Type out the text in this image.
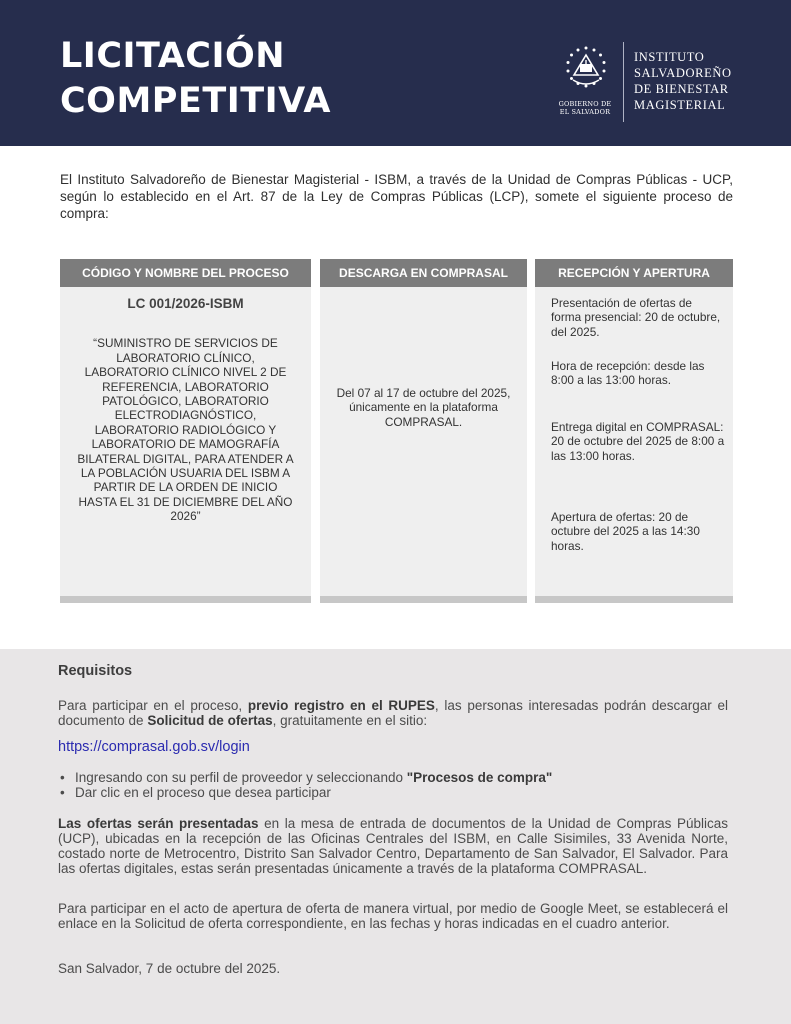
LICITACIÓN
COMPETITIVA	GOBIERNO DE
EL SALVADOR
INSTITUTO
SALVADOREÑO
DE BIENESTAR
MAGISTERIAL

El Instituto Salvadoreño de Bienestar Magisterial - ISBM, a través de la Unidad de Compras Públicas - UCP, según lo establecido en el Art. 87 de la Ley de Compras Públicas (LCP), somete el siguiente proceso de compra:

CÓDIGO Y NOMBRE DEL PROCESO
LC 001/2026-ISBM
“SUMINISTRO DE SERVICIOS DE LABORATORIO CLÍNICO, LABORATORIO CLÍNICO NIVEL 2 DE REFERENCIA, LABORATORIO PATOLÓGICO, LABORATORIO ELECTRODIAGNÓSTICO, LABORATORIO RADIOLÓGICO Y LABORATORIO DE MAMOGRAFÍA BILATERAL DIGITAL, PARA ATENDER A LA POBLACIÓN USUARIA DEL ISBM A PARTIR DE LA ORDEN DE INICIO HASTA EL 31 DE DICIEMBRE DEL AÑO 2026”
DESCARGA EN COMPRASAL
Del 07 al 17 de octubre del 2025, únicamente en la plataforma COMPRASAL.
RECEPCIÓN Y APERTURA

Presentación de ofertas de forma presencial: 20 de octubre, del 2025.

Hora de recepción: desde las 8:00 a las 13:00 horas.

Entrega digital en COMPRASAL: 20 de octubre del 2025 de 8:00 a las 13:00 horas.

Apertura de ofertas: 20 de octubre del 2025 a las 14:30 horas.

Requisitos

Para participar en el proceso, previo registro en el RUPES, las personas interesadas podrán descargar el documento de Solicitud de ofertas, gratuitamente en el sitio:

https://comprasal.gob.sv/login
• Ingresando con su perfil de proveedor y seleccionando "Procesos de compra"
• Dar clic en el proceso que desea participar

Las ofertas serán presentadas en la mesa de entrada de documentos de la Unidad de Compras Públicas (UCP), ubicadas en la recepción de las Oficinas Centrales del ISBM, en Calle Sisimiles, 33 Avenida Norte, costado norte de Metrocentro, Distrito San Salvador Centro, Departamento de San Salvador, El Salvador. Para las ofertas digitales, estas serán presentadas únicamente a través de la plataforma COMPRASAL.

Para participar en el acto de apertura de oferta de manera virtual, por medio de Google Meet, se establecerá el enlace en la Solicitud de oferta correspondiente, en las fechas y horas indicadas en el cuadro anterior.

San Salvador, 7 de octubre del 2025.
